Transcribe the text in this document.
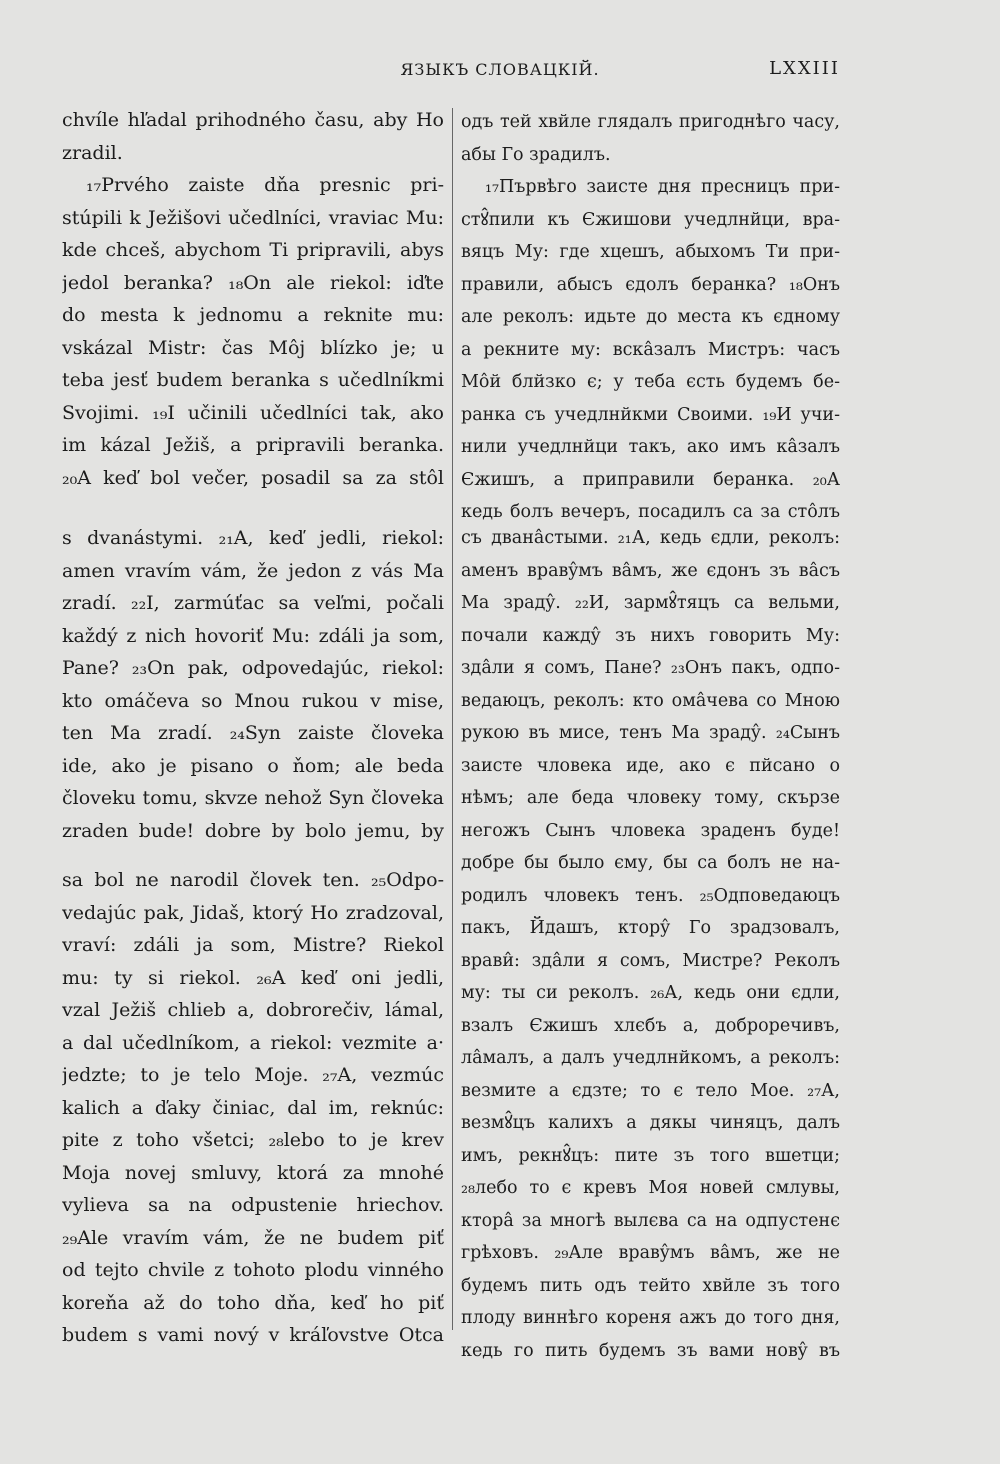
ЯЗЫКЪ СЛОВАЦКІЙ.	LXXIII
chvíle hľadal prihodného času, aby Ho
zradil.
₁₇Prvého zaiste dňa presnic pri-
stúpili k Ježišovi učedlníci, vraviac Mu:
kde chceš, abychom Ti pripravili, abys
jedol beranka? ₁₈On ale riekol: iďte
do mesta k jednomu a reknite mu:
vskázal Mistr: čas Môj blízko je; u
teba jesť budem beranka s učedlníkmi
Svojimi. ₁₉I učinili učedlníci tak, ako
im kázal Ježiš, a pripravili beranka.
₂₀A keď bol večer, posadil sa za stôl
s dvanástymi. ₂₁A, keď jedli, riekol:
amen vravím vám, že jedon z vás Ma
zradí. ₂₂I, zarmúťac sa veľmi, počali
každý z nich hovoriť Mu: zdáli ja som,
Pane? ₂₃On pak, odpovedajúc, riekol:
kto omáčeva so Mnou rukou v mise,
ten Ma zradí. ₂₄Syn zaiste človeka
ide, ako je pisano o ňom; ale beda
človeku tomu, skvze nehož Syn človeka
zraden bude! dobre by bolo jemu, by
sa bol ne narodil človek ten. ₂₅Odpo-
vedajúc pak, Jidaš, ktorý Ho zradzoval,
vraví: zdáli ja som, Mistre? Riekol
mu: ty si riekol. ₂₆A keď oni jedli,
vzal Ježiš chlieb a, dobrorečiv, lámal,
a dal učedlníkom, a riekol: vezmite a·
jedzte; to je telo Moje. ₂₇A, vezmúc
kalich a ďaky činiac, dal im, reknúc:
pite z toho všetci; ₂₈lebo to je krev
Moja novej smluvy, ktorá za mnohé
vylieva sa na odpustenie hriechov.
₂₉Ale vravím vám, že ne budem piť
od tejto chvile z tohoto plodu vinného
koreňa až do toho dňa, keď ho piť
budem s vami nový v kráľovstve Otca
одъ тей хвйле глядалъ пригоднѣго часу,
абы Го зрадилъ.
₁₇Първѣго заисте дня пресницъ при-
стꙋ̂пили къ Єжишови учедлнйци, вра-
вяцъ Му: где хцешъ, абыхомъ Ти при-
правили, абысъ єдолъ беранка? ₁₈Онъ
але реколъ: идьте до места къ єдному
а рекните му: вскâзалъ Мистръ: часъ
Мôй блйзко є; у теба єсть будемъ бе-
ранка съ учедлнйкми Своими. ₁₉И учи-
нили учедлнйци такъ, ако имъ кâзалъ
Єжишъ, а приправили беранка. ₂₀А
кедь болъ вечеръ, посадилъ са за стôлъ
съ дванâстыми. ₂₁А, кедь єдли, реколъ:
аменъ вравŷмъ вâмъ, же єдонъ зъ вâсъ
Ма зрадŷ. ₂₂И, зармꙋ̂тяцъ са вельми,
почали каждŷ зъ нихъ говорить Му:
здâли я сомъ, Пане? ₂₃Онъ пакъ, одпо-
ведаюцъ, реколъ: кто омâчева со Мною
рукою въ мисе, тенъ Ма зрадŷ. ₂₄Сынъ
заисте чловека иде, ако є пйсано о
нѣмъ; але беда чловеку тому, скързе
негожъ Сынъ чловека зраденъ буде!
добре бы было єму, бы са болъ не на-
родилъ чловекъ тенъ. ₂₅Одповедаюцъ
пакъ, Йдашъ, кторŷ Го зрадзовалъ,
врави̂: здâли я сомъ, Мистре? Реколъ
му: ты си реколъ. ₂₆А, кедь они єдли,
взалъ Єжишъ хлєбъ а, доброречивъ,
лâмалъ, а далъ учедлнйкомъ, а реколъ:
везмите а єдзте; то є тело Мое. ₂₇А,
везмꙋ̂цъ калихъ а дякы чиняцъ, далъ
имъ, рекнꙋ̂цъ: пите зъ того вшетци;
₂₈лебо то є кревъ Моя новей смлувы,
кторâ за многѣ вылєва са на одпустенє
грѣховъ. ₂₉Але вравŷмъ вâмъ, же не
будемъ пить одъ тейто хвйле зъ того
плоду виннѣго кореня ажъ до того дня,
кедь го пить будемъ зъ вами новŷ въ
